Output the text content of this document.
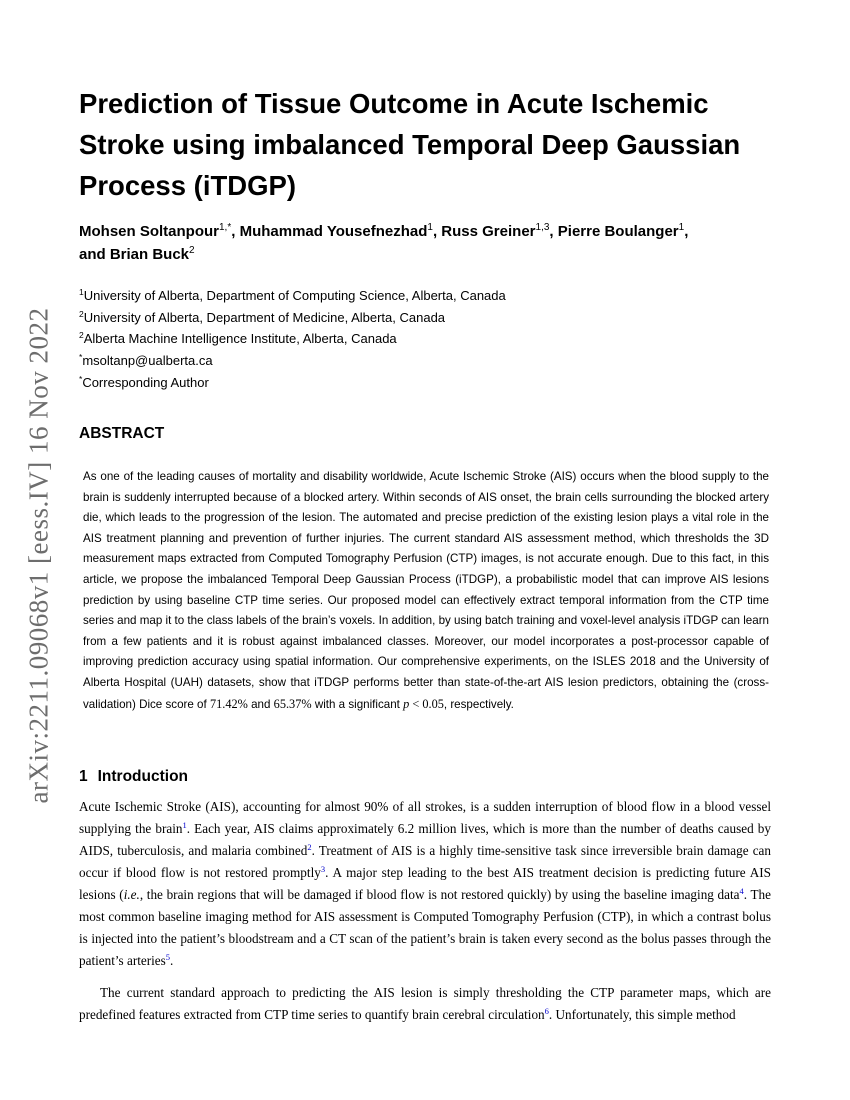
arXiv:2211.09068v1 [eess.IV] 16 Nov 2022
Prediction of Tissue Outcome in Acute Ischemic Stroke using imbalanced Temporal Deep Gaussian Process (iTDGP)
Mohsen Soltanpour$^{1,*}$, Muhammad Yousefnezhad$^1$, Russ Greiner$^{1,3}$, Pierre Boulanger$^1$,
and Brian Buck$^2$
$^1$University of Alberta, Department of Computing Science, Alberta, Canada
$^2$University of Alberta, Department of Medicine, Alberta, Canada
$^2$Alberta Machine Intelligence Institute, Alberta, Canada
*msoltanp@ualberta.ca
*Corresponding Author
ABSTRACT

As one of the leading causes of mortality and disability worldwide, Acute Ischemic Stroke (AIS) occurs when the blood supply to the brain is suddenly interrupted because of a blocked artery. Within seconds of AIS onset, the brain cells surrounding the blocked artery die, which leads to the progression of the lesion. The automated and precise prediction of the existing lesion plays a vital role in the AIS treatment planning and prevention of further injuries. The current standard AIS assessment method, which thresholds the 3D measurement maps extracted from Computed Tomography Perfusion (CTP) images, is not accurate enough. Due to this fact, in this article, we propose the imbalanced Temporal Deep Gaussian Process (iTDGP), a probabilistic model that can improve AIS lesions prediction by using baseline CTP time series. Our proposed model can effectively extract temporal information from the CTP time series and map it to the class labels of the brain’s voxels. In addition, by using batch training and voxel-level analysis iTDGP can learn from a few patients and it is robust against imbalanced classes. Moreover, our model incorporates a post-processor capable of improving prediction accuracy using spatial information. Our comprehensive experiments, on the ISLES 2018 and the University of Alberta Hospital (UAH) datasets, show that iTDGP performs better than state-of-the-art AIS lesion predictors, obtaining the (cross-validation) Dice score of 71.42% and 65.37% with a significant p < 0.05, respectively.

1 Introduction

Acute Ischemic Stroke (AIS), accounting for almost 90% of all strokes, is a sudden interruption of blood flow in a blood vessel supplying the brain$^1$. Each year, AIS claims approximately 6.2 million lives, which is more than the number of deaths caused by AIDS, tuberculosis, and malaria combined$^2$. Treatment of AIS is a highly time-sensitive task since irreversible brain damage can occur if blood flow is not restored promptly$^3$. A major step leading to the best AIS treatment decision is predicting future AIS lesions (i.e., the brain regions that will be damaged if blood flow is not restored quickly) by using the baseline imaging data$^4$. The most common baseline imaging method for AIS assessment is Computed Tomography Perfusion (CTP), in which a contrast bolus is injected into the patient’s bloodstream and a CT scan of the patient’s brain is taken every second as the bolus passes through the patient’s arteries$^5$.

The current standard approach to predicting the AIS lesion is simply thresholding the CTP parameter maps, which are predefined features extracted from CTP time series to quantify brain cerebral circulation$^6$. Unfortunately, this simple method
